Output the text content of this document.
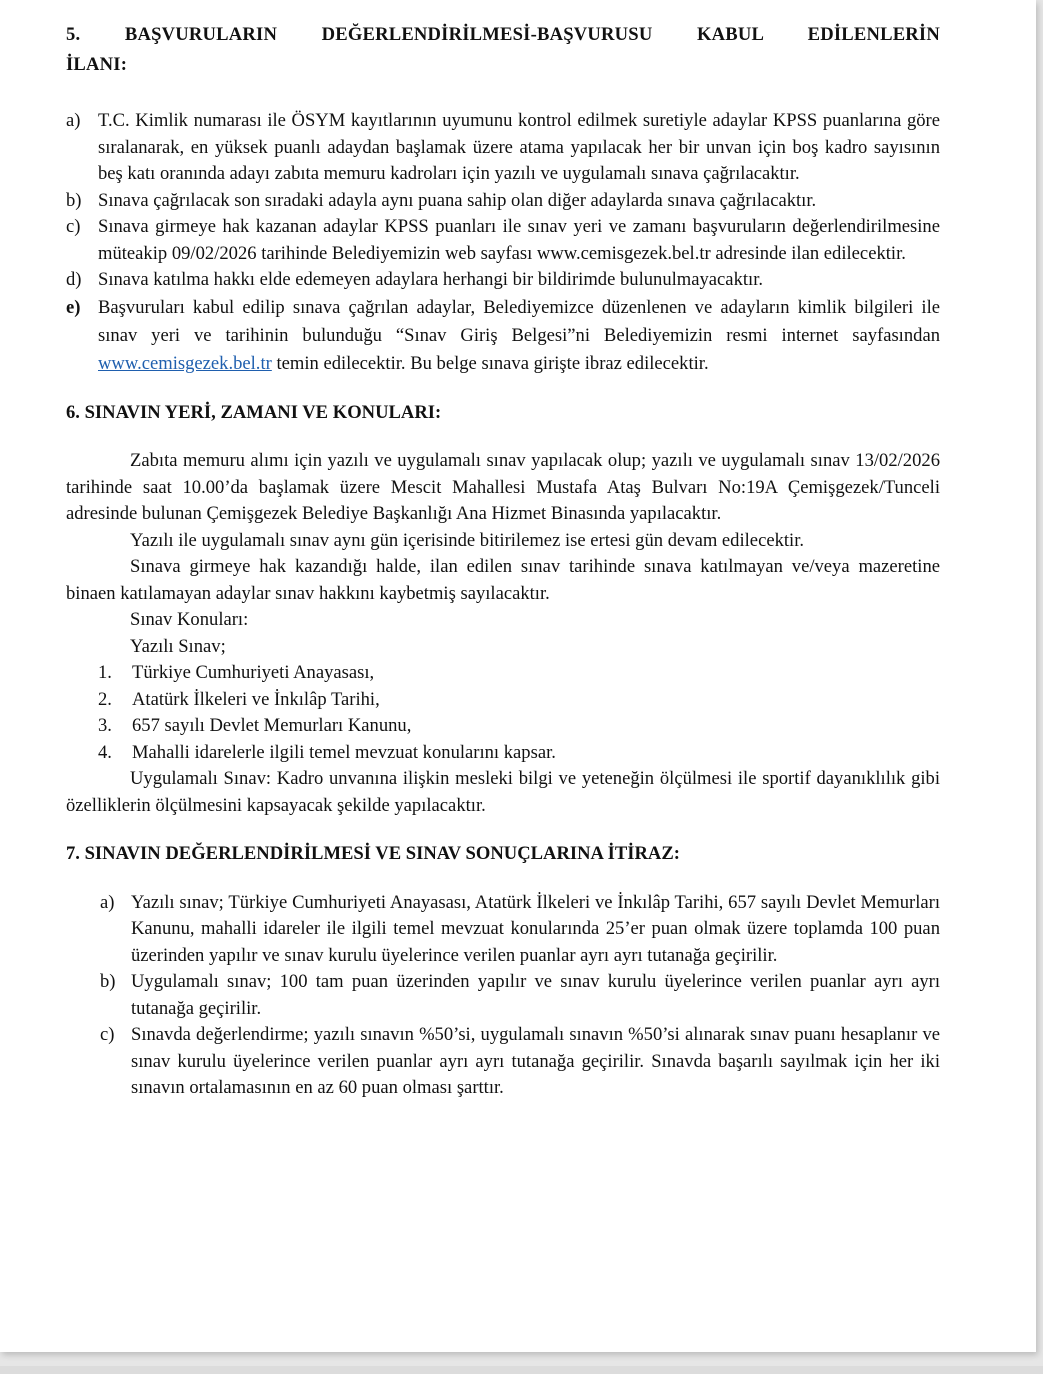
5. BAŞVURULARIN DEĞERLENDİRİLMESİ-BAŞVURUSU KABUL EDİLENLERİN
İLANI:
a) T.C. Kimlik numarası ile ÖSYM kayıtlarının uyumunu kontrol edilmek suretiyle adaylar KPSS puanlarına göre sıralanarak, en yüksek puanlı adaydan başlamak üzere atama yapılacak her bir unvan için boş kadro sayısının beş katı oranında adayı zabıta memuru kadroları için yazılı ve uygulamalı sınava çağrılacaktır.
b) Sınava çağrılacak son sıradaki adayla aynı puana sahip olan diğer adaylarda sınava çağrılacaktır.
c) Sınava girmeye hak kazanan adaylar KPSS puanları ile sınav yeri ve zamanı başvuruların değerlendirilmesine müteakip 09/02/2026 tarihinde Belediyemizin web sayfası www.cemisgezek.bel.tr adresinde ilan edilecektir.
d) Sınava katılma hakkı elde edemeyen adaylara herhangi bir bildirimde bulunulmayacaktır.
e) Başvuruları kabul edilip sınava çağrılan adaylar, Belediyemizce düzenlenen ve adayların kimlik bilgileri ile sınav yeri ve tarihinin bulunduğu “Sınav Giriş Belgesi”ni Belediyemizin resmi internet sayfasından www.cemisgezek.bel.tr temin edilecektir. Bu belge sınava girişte ibraz edilecektir.
6. SINAVIN YERİ, ZAMANI VE KONULARI:

Zabıta memuru alımı için yazılı ve uygulamalı sınav yapılacak olup; yazılı ve uygulamalı sınav 13/02/2026 tarihinde saat 10.00’da başlamak üzere Mescit Mahallesi Mustafa Ataş Bulvarı No:19A Çemişgezek/Tunceli adresinde bulunan Çemişgezek Belediye Başkanlığı Ana Hizmet Binasında yapılacaktır.

Yazılı ile uygulamalı sınav aynı gün içerisinde bitirilemez ise ertesi gün devam edilecektir.

Sınava girmeye hak kazandığı halde, ilan edilen sınav tarihinde sınava katılmayan ve/veya mazeretine binaen katılamayan adaylar sınav hakkını kaybetmiş sayılacaktır.

Sınav Konuları:
Yazılı Sınav;
1. Türkiye Cumhuriyeti Anayasası,
2. Atatürk İlkeleri ve İnkılâp Tarihi,
3. 657 sayılı Devlet Memurları Kanunu,
4. Mahalli idarelerle ilgili temel mevzuat konularını kapsar.

Uygulamalı Sınav: Kadro unvanına ilişkin mesleki bilgi ve yeteneğin ölçülmesi ile sportif dayanıklılık gibi özelliklerin ölçülmesini kapsayacak şekilde yapılacaktır.

7. SINAVIN DEĞERLENDİRİLMESİ VE SINAV SONUÇLARINA İTİRAZ:
a) Yazılı sınav; Türkiye Cumhuriyeti Anayasası, Atatürk İlkeleri ve İnkılâp Tarihi, 657 sayılı Devlet Memurları Kanunu, mahalli idareler ile ilgili temel mevzuat konularında 25’er puan olmak üzere toplamda 100 puan üzerinden yapılır ve sınav kurulu üyelerince verilen puanlar ayrı ayrı tutanağa geçirilir.
b) Uygulamalı sınav; 100 tam puan üzerinden yapılır ve sınav kurulu üyelerince verilen puanlar ayrı ayrı tutanağa geçirilir.
c) Sınavda değerlendirme; yazılı sınavın %50’si, uygulamalı sınavın %50’si alınarak sınav puanı hesaplanır ve sınav kurulu üyelerince verilen puanlar ayrı ayrı tutanağa geçirilir. Sınavda başarılı sayılmak için her iki sınavın ortalamasının en az 60 puan olması şarttır.
